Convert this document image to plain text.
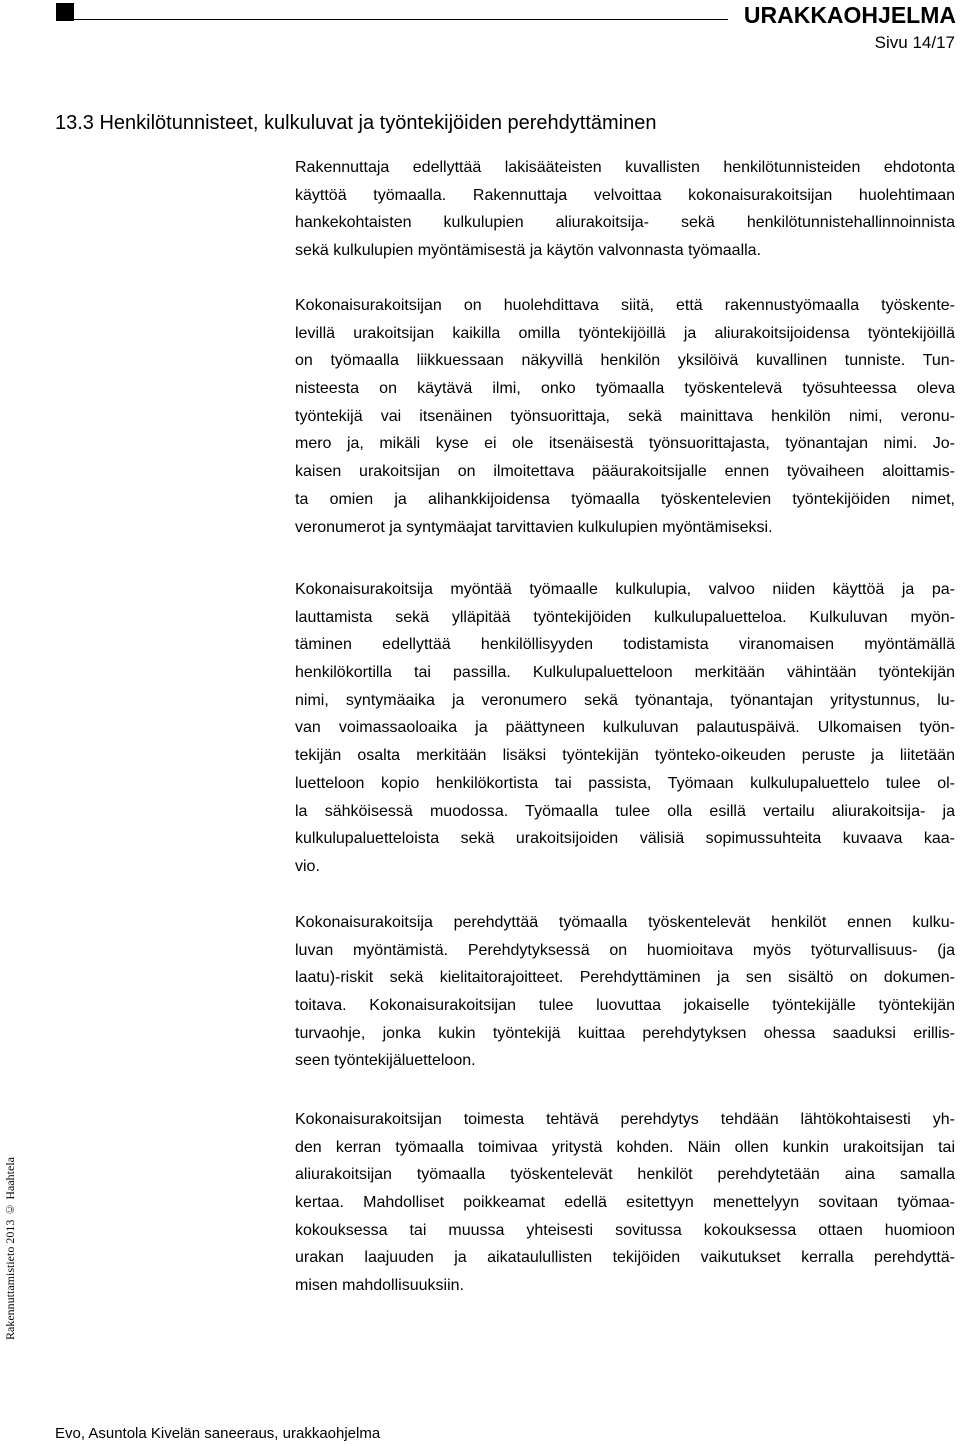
URAKKAOHJELMA
Sivu 14/17
13.3 Henkilötunnisteet, kulkuluvat ja työntekijöiden perehdyttäminen
Rakennuttaja edellyttää lakisääteisten kuvallisten henkilötunnisteiden ehdotonta
käyttöä työmaalla. Rakennuttaja velvoittaa kokonaisurakoitsijan huolehtimaan
hankekohtaisten kulkulupien aliurakoitsija- sekä henkilötunnistehallinnoinnista
sekä kulkulupien myöntämisestä ja käytön valvonnasta työmaalla.
Kokonaisurakoitsijan on huolehdittava siitä, että rakennustyömaalla työskente-
levillä urakoitsijan kaikilla omilla työntekijöillä ja aliurakoitsijoidensa työntekijöillä
on työmaalla liikkuessaan näkyvillä henkilön yksilöivä kuvallinen tunniste. Tun-
nisteesta on käytävä ilmi, onko työmaalla työskentelevä työsuhteessa oleva
työntekijä vai itsenäinen työnsuorittaja, sekä mainittava henkilön nimi, veronu-
mero ja, mikäli kyse ei ole itsenäisestä työnsuorittajasta, työnantajan nimi. Jo-
kaisen urakoitsijan on ilmoitettava pääurakoitsijalle ennen työvaiheen aloittamis-
ta omien ja alihankkijoidensa työmaalla työskentelevien työntekijöiden nimet,
veronumerot ja syntymäajat tarvittavien kulkulupien myöntämiseksi.
Kokonaisurakoitsija myöntää työmaalle kulkulupia, valvoo niiden käyttöä ja pa-
lauttamista sekä ylläpitää työntekijöiden kulkulupaluetteloa. Kulkuluvan myön-
täminen edellyttää henkilöllisyyden todistamista viranomaisen myöntämällä
henkilökortilla tai passilla. Kulkulupaluetteloon merkitään vähintään työntekijän
nimi, syntymäaika ja veronumero sekä työnantaja, työnantajan yritystunnus, lu-
van voimassaoloaika ja päättyneen kulkuluvan palautuspäivä. Ulkomaisen työn-
tekijän osalta merkitään lisäksi työntekijän työnteko-oikeuden peruste ja liitetään
luetteloon kopio henkilökortista tai passista, Työmaan kulkulupaluettelo tulee ol-
la sähköisessä muodossa. Työmaalla tulee olla esillä vertailu aliurakoitsija- ja
kulkulupaluetteloista sekä urakoitsijoiden välisiä sopimussuhteita kuvaava kaa-
vio.
Kokonaisurakoitsija perehdyttää työmaalla työskentelevät henkilöt ennen kulku-
luvan myöntämistä. Perehdytyksessä on huomioitava myös työturvallisuus- (ja
laatu)-riskit sekä kielitaitorajoitteet. Perehdyttäminen ja sen sisältö on dokumen-
toitava. Kokonaisurakoitsijan tulee luovuttaa jokaiselle työntekijälle työntekijän
turvaohje, jonka kukin työntekijä kuittaa perehdytyksen ohessa saaduksi erillis-
seen työntekijäluetteloon.
Kokonaisurakoitsijan toimesta tehtävä perehdytys tehdään lähtökohtaisesti yh-
den kerran työmaalla toimivaa yritystä kohden. Näin ollen kunkin urakoitsijan tai
aliurakoitsijan työmaalla työskentelevät henkilöt perehdytetään aina samalla
kertaa. Mahdolliset poikkeamat edellä esitettyyn menettelyyn sovitaan työmaa-
kokouksessa tai muussa yhteisesti sovitussa kokouksessa ottaen huomioon
urakan laajuuden ja aikataulullisten tekijöiden vaikutukset kerralla perehdyttä-
misen mahdollisuuksiin.
Rakennuttamistieto 2013 © Haahtela
Evo, Asuntola Kivelän saneeraus, urakkaohjelma
